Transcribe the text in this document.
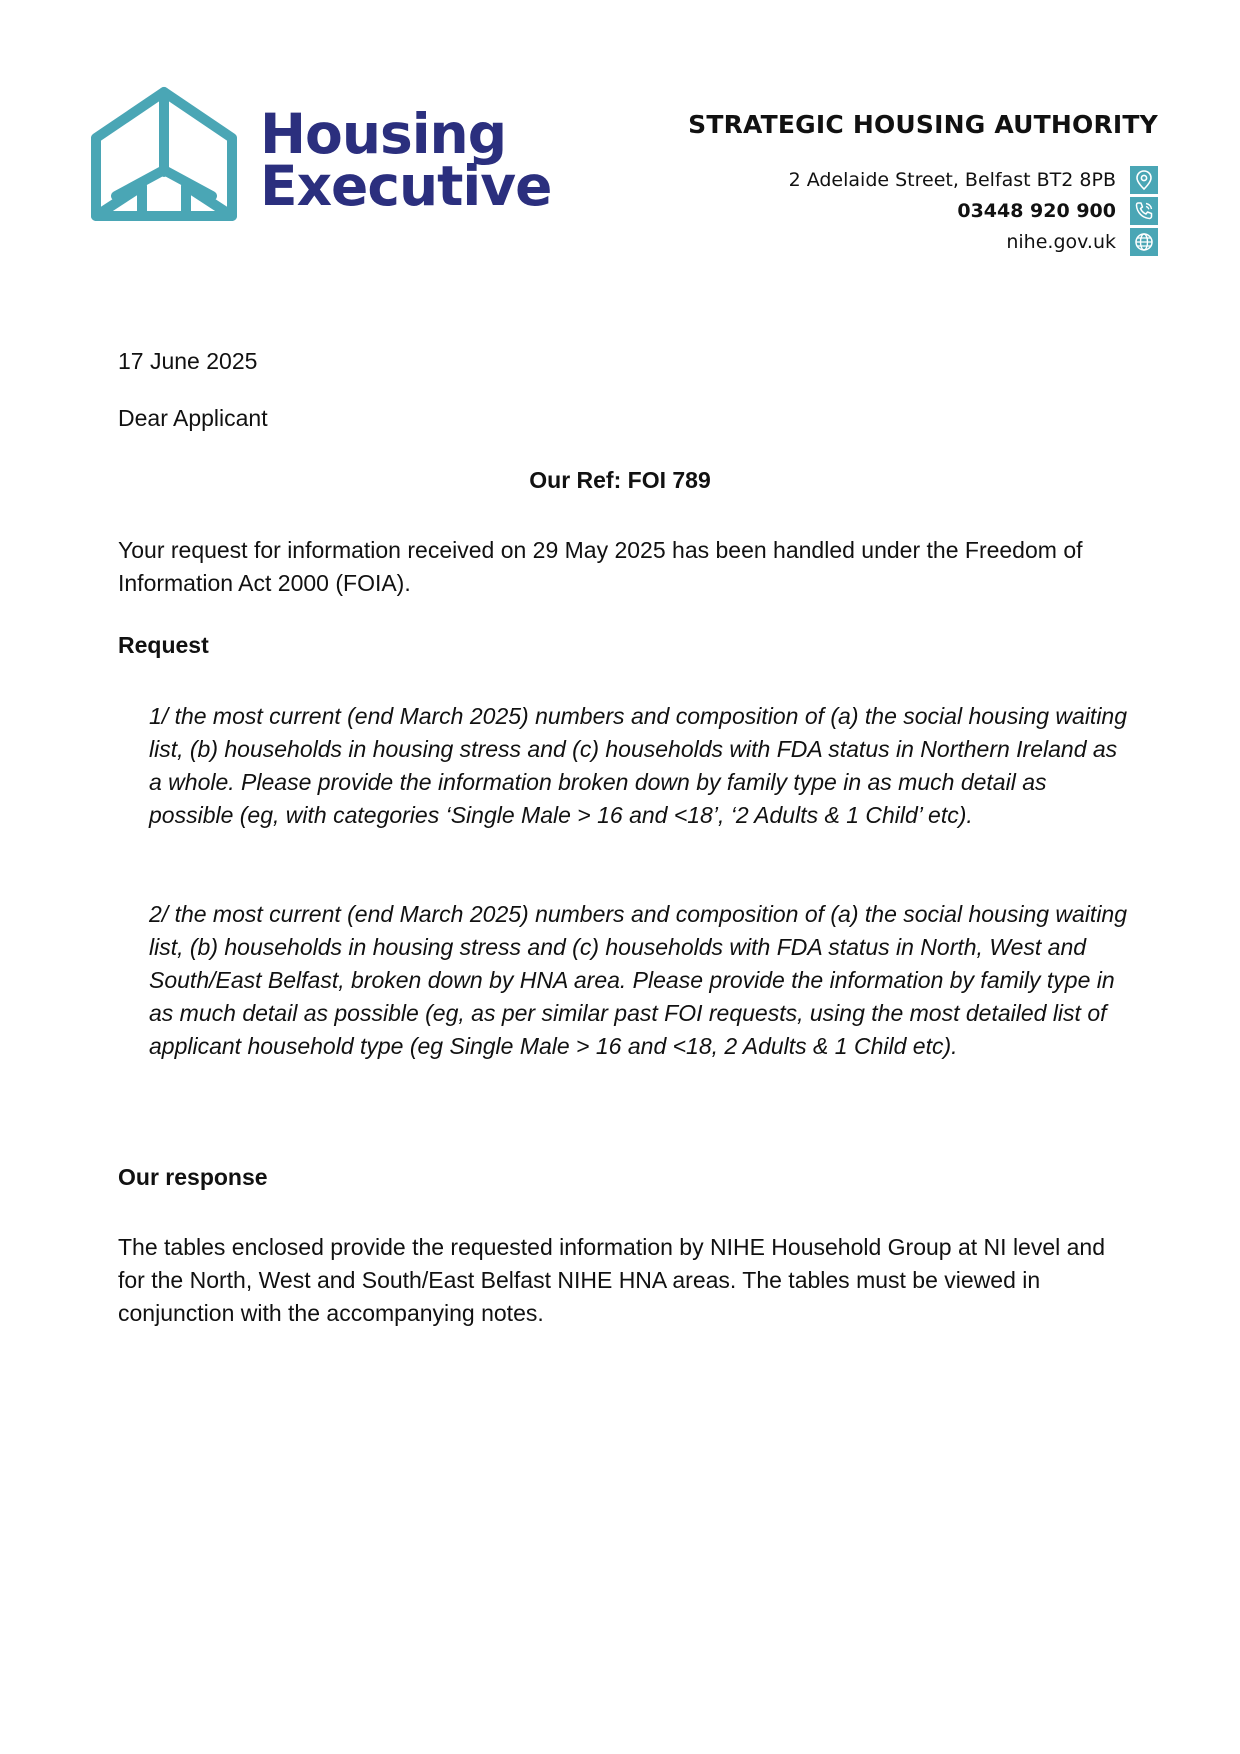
Housing
Executive
STRATEGIC HOUSING AUTHORITY
2 Adelaide Street, Belfast BT2 8PB
03448 920 900
nihe.gov.uk
17 June 2025
Dear Applicant
Our Ref: FOI 789

Your request for information received on 29 May 2025 has been handled under the Freedom of Information Act 2000 (FOIA).

Request

1/ the most current (end March 2025) numbers and composition of (a) the social housing waiting list, (b) households in housing stress and (c) households with FDA status in Northern Ireland as a whole. Please provide the information broken down by family type in as much detail as possible (eg, with categories ‘Single Male > 16 and <18’, ‘2 Adults & 1 Child’ etc).

2/ the most current (end March 2025) numbers and composition of (a) the social housing waiting list, (b) households in housing stress and (c) households with FDA status in North, West and South/East Belfast, broken down by HNA area. Please provide the information by family type in as much detail as possible (eg, as per similar past FOI requests, using the most detailed list of applicant household type (eg Single Male > 16 and <18, 2 Adults & 1 Child etc).

Our response

The tables enclosed provide the requested information by NIHE Household Group at NI level and for the North, West and South/East Belfast NIHE HNA areas. The tables must be viewed in conjunction with the accompanying notes.
